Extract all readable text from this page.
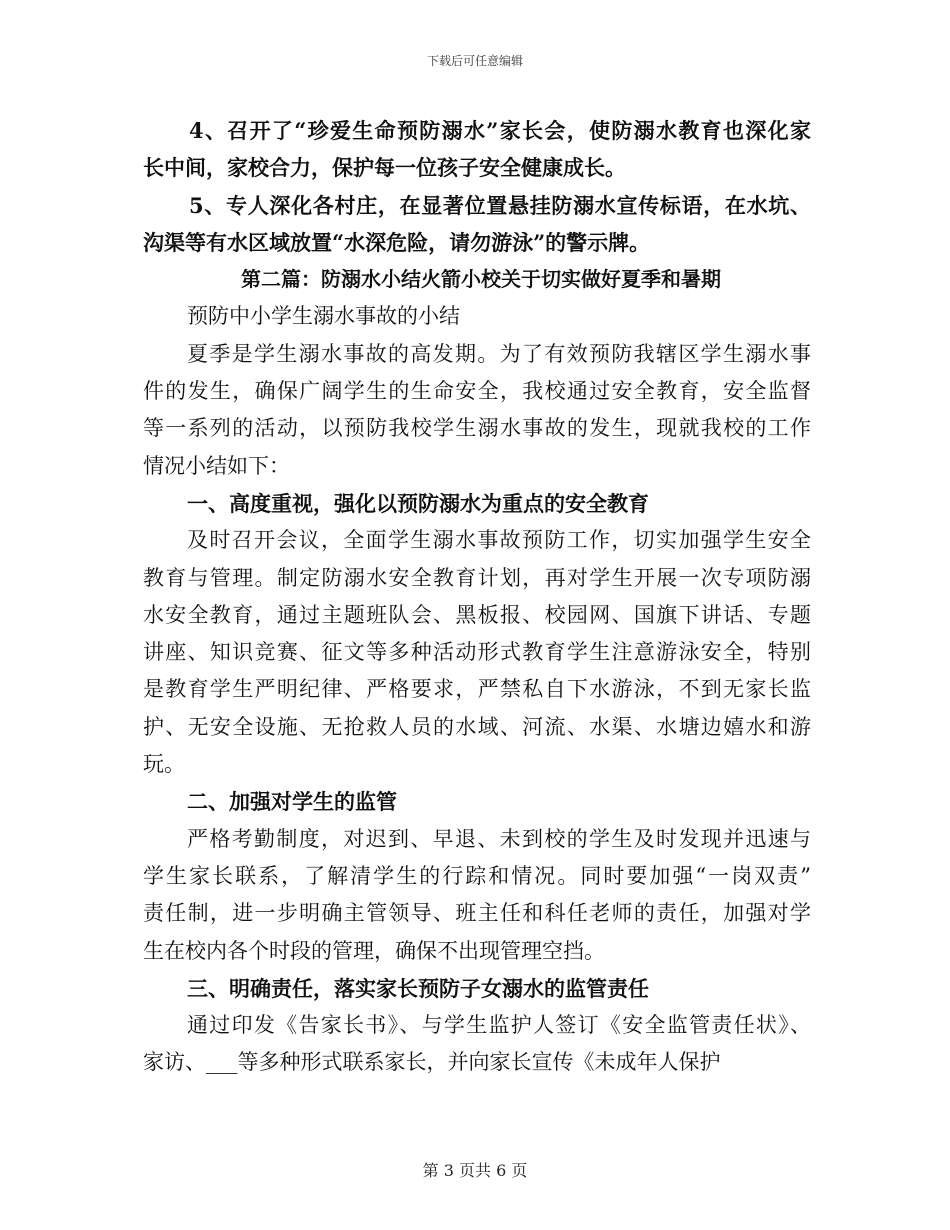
下载后可任意编辑
4、召开了“珍爱生命预防溺水”家长会，使防溺水教育也深化家
长中间，家校合力，保护每一位孩子安全健康成长。
5、专人深化各村庄，在显著位置悬挂防溺水宣传标语，在水坑、
沟渠等有水区域放置“水深危险，请勿游泳”的警示牌。
第二篇：防溺水小结火箭小校关于切实做好夏季和暑期
预防中小学生溺水事故的小结
夏季是学生溺水事故的高发期。为了有效预防我辖区学生溺水事
件的发生，确保广阔学生的生命安全，我校通过安全教育，安全监督
等一系列的活动，以预防我校学生溺水事故的发生，现就我校的工作
情况小结如下：
一、高度重视，强化以预防溺水为重点的安全教育
及时召开会议，全面学生溺水事故预防工作，切实加强学生安全
教育与管理。制定防溺水安全教育计划，再对学生开展一次专项防溺
水安全教育，通过主题班队会、黑板报、校园网、国旗下讲话、专题
讲座、知识竞赛、征文等多种活动形式教育学生注意游泳安全，特别
是教育学生严明纪律、严格要求，严禁私自下水游泳，不到无家长监
护、无安全设施、无抢救人员的水域、河流、水渠、水塘边嬉水和游
玩。
二、加强对学生的监管
严格考勤制度，对迟到、早退、未到校的学生及时发现并迅速与
学生家长联系，了解清学生的行踪和情况。同时要加强“一岗双责”
责任制，进一步明确主管领导、班主任和科任老师的责任，加强对学
生在校内各个时段的管理，确保不出现管理空挡。
三、明确责任，落实家长预防子女溺水的监管责任
通过印发《告家长书》、与学生监护人签订《安全监管责任状》、
家访、___等多种形式联系家长，并向家长宣传《未成年人保护
第 3 页共 6 页
